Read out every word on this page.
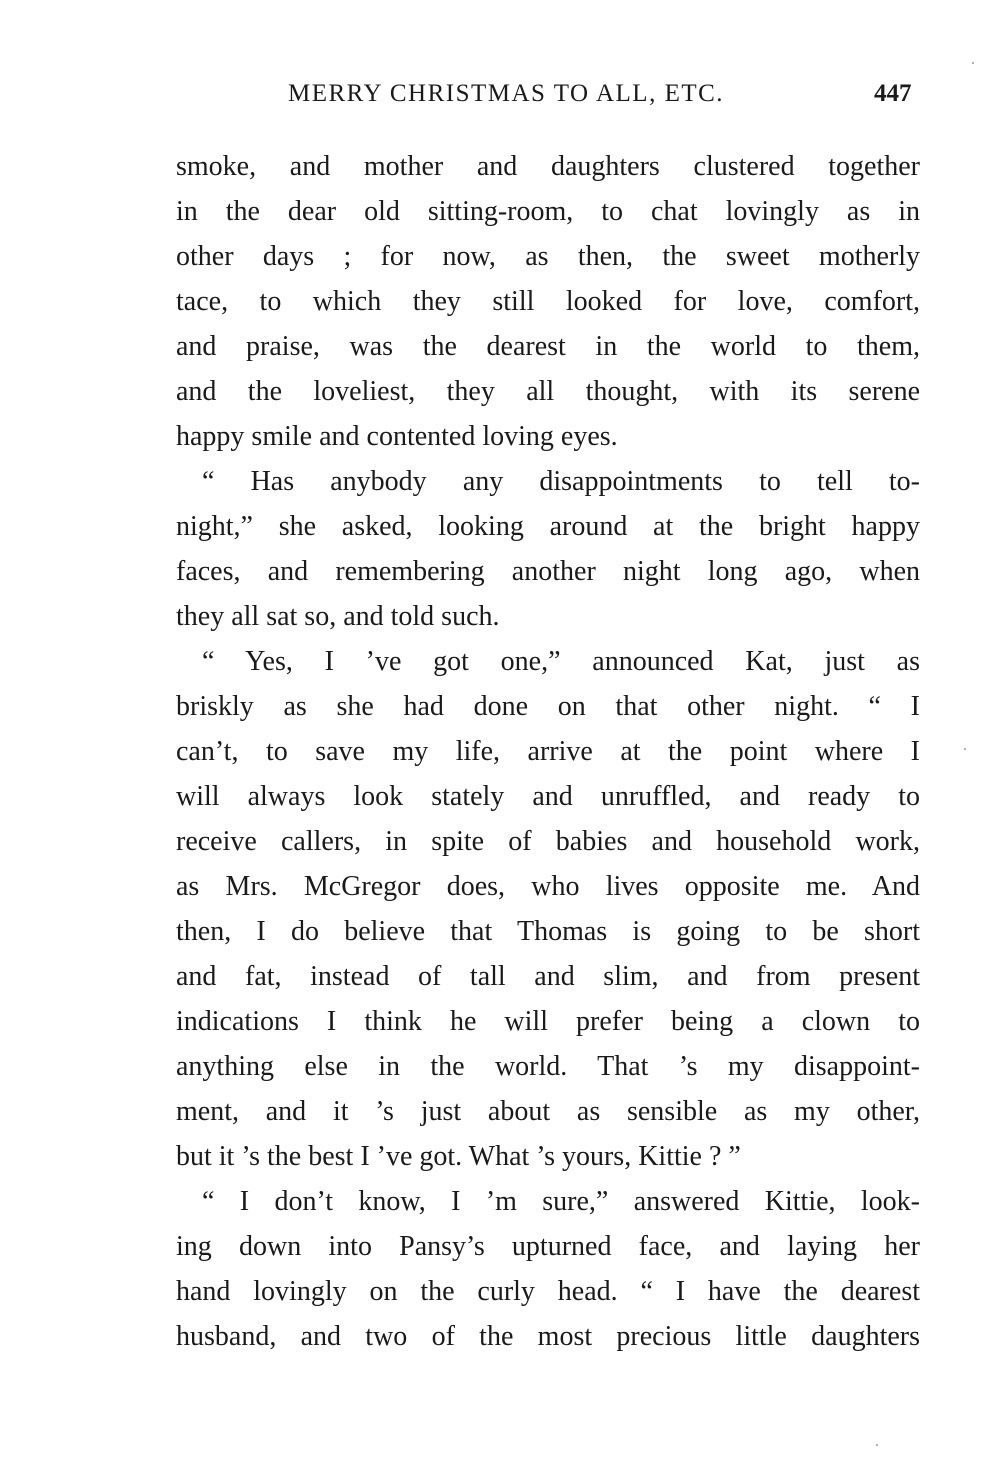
MERRY CHRISTMAS TO ALL, ETC.	447
smoke, and mother and daughters clustered together
in the dear old sitting-room, to chat lovingly as in
other days ; for now, as then, the sweet motherly
tace, to which they still looked for love, comfort,
and praise, was the dearest in the world to them,
and the loveliest, they all thought, with its serene
happy smile and contented loving eyes.
“ Has anybody any disappointments to tell to-
night,” she asked, looking around at the bright happy
faces, and remembering another night long ago, when
they all sat so, and told such.
“ Yes, I ’ve got one,” announced Kat, just as
briskly as she had done on that other night. “ I
can’t, to save my life, arrive at the point where I
will always look stately and unruffled, and ready to
receive callers, in spite of babies and household work,
as Mrs. McGregor does, who lives opposite me. And
then, I do believe that Thomas is going to be short
and fat, instead of tall and slim, and from present
indications I think he will prefer being a clown to
anything else in the world. That ’s my disappoint-
ment, and it ’s just about as sensible as my other,
but it ’s the best I ’ve got. What ’s yours, Kittie ? ”
“ I don’t know, I ’m sure,” answered Kittie, look-
ing down into Pansy’s upturned face, and laying her
hand lovingly on the curly head. “ I have the dearest
husband, and two of the most precious little daughters
